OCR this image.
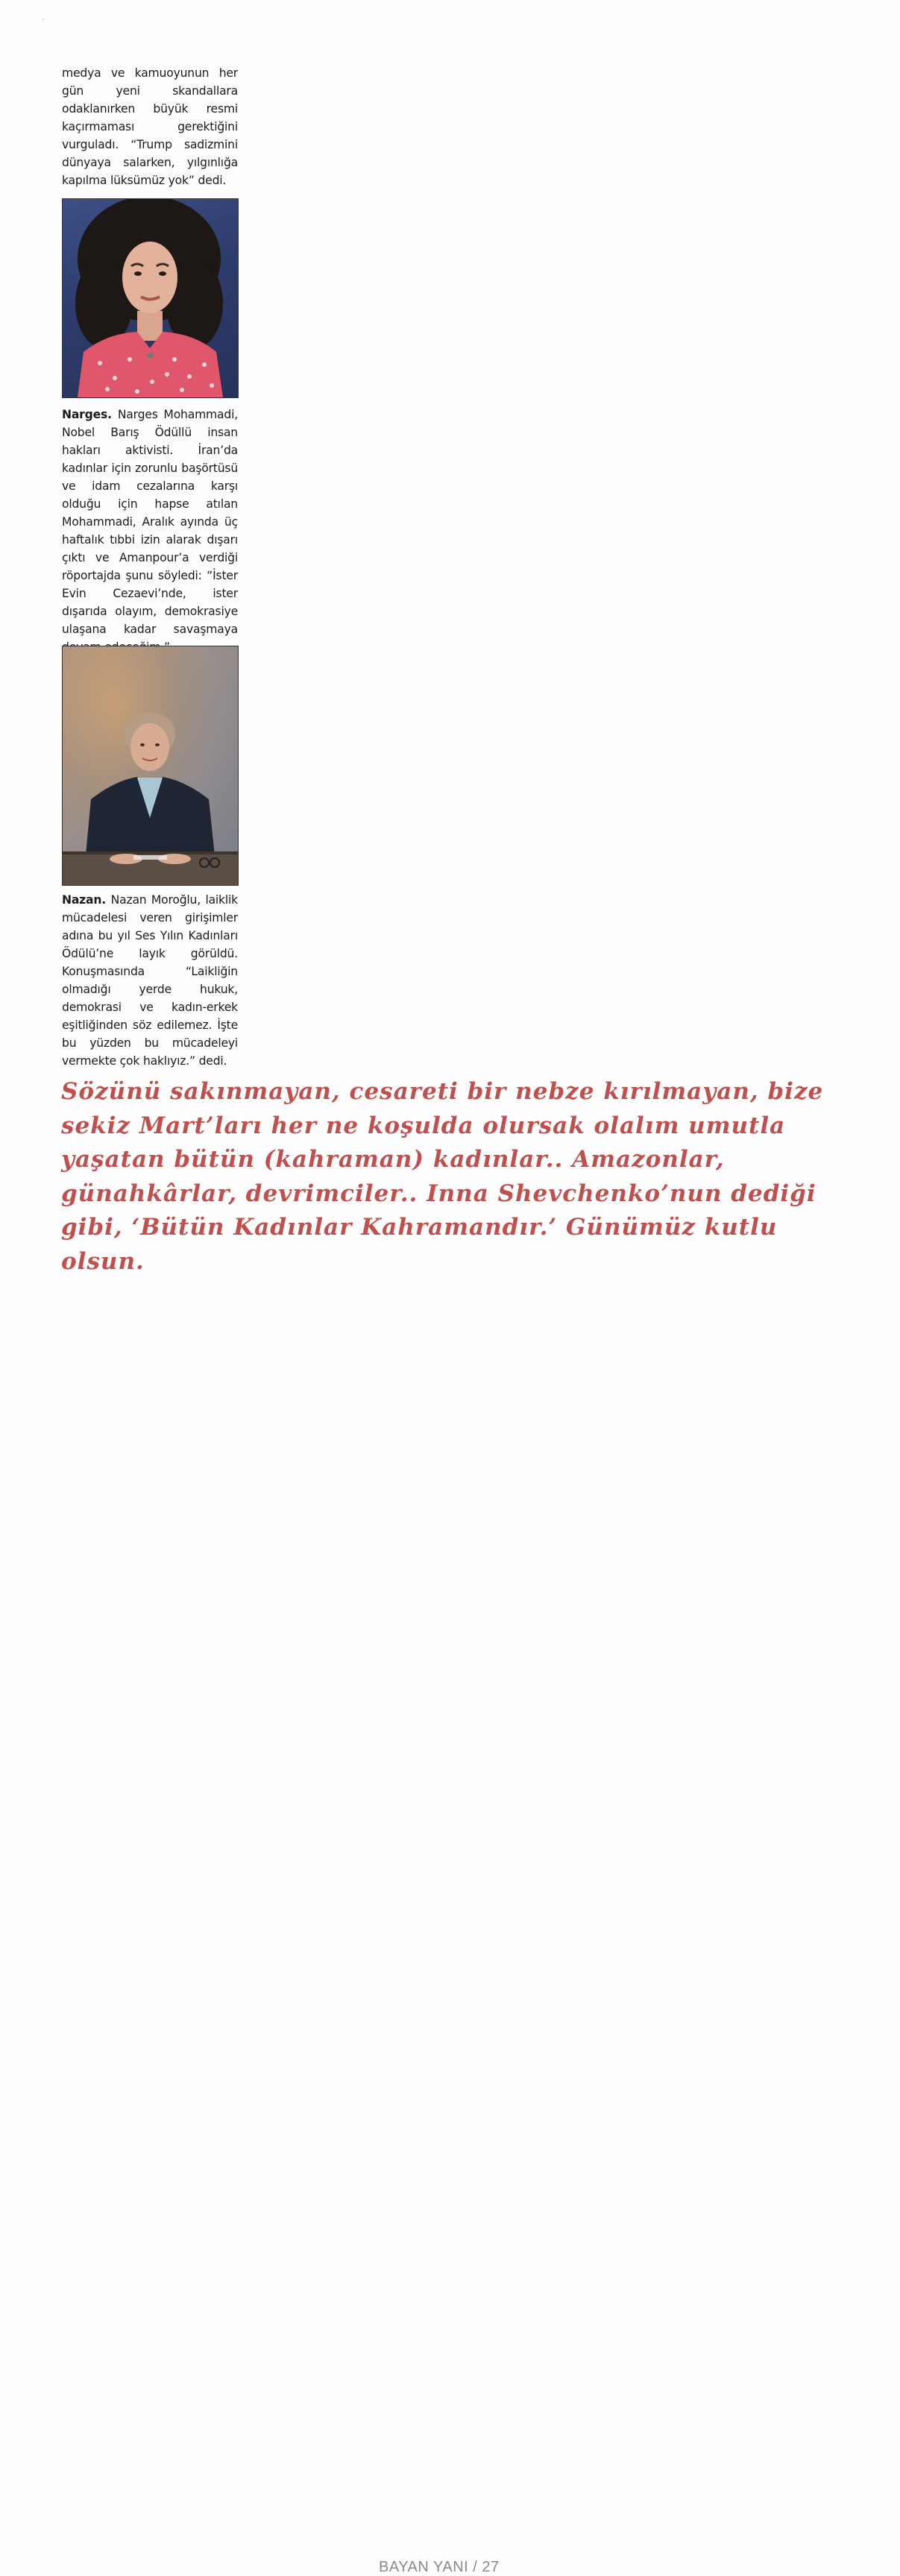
medya ve kamuoyunun her gün yeni skandallara odaklanırken büyük resmi kaçırmaması gerektiğini vurguladı. “Trump sadizmini dünyaya salarken, yılgınlığa kapılma lüksümüz yok” dedi.

Narges. Narges Mohammadi, Nobel Barış Ödüllü insan hakları aktivisti. İran’da kadınlar için zorunlu başörtüsü ve idam cezalarına karşı olduğu için hapse atılan Mohammadi, Aralık ayında üç haftalık tıbbi izin alarak dışarı çıktı ve Amanpour’a verdiği röportajda şunu söyledi: “İster Evin Cezaevi’nde, ister dışarıda olayım, demokrasiye ulaşana kadar savaşmaya

Nazan. Nazan Moroğlu, laiklik mücadelesi veren girişimler adına bu yıl Ses Yılın Kadınları Ödülü’ne layık görüldü. Konuşmasında “Laikliğin olmadığı yerde hukuk, demokrasi ve kadın-erkek eşitliğinden söz edilemez. İşte bu yüzden bu mücadeleyi vermekte çok haklıyız.” dedi.

Sözünü sakınmayan, cesareti bir nebze kırılmayan, bize sekiz Mart’ları her ne koşulda olursak olalım umutla yaşatan bütün (kahraman) kadınlar.. Amazonlar, günahkârlar, devrimciler.. Inna Shevchenko’nun dediği gibi, ‘Bütün Kadınlar Kahramandır.’ Günümüz kutlu olsun.

BAYAN YANI / 27
